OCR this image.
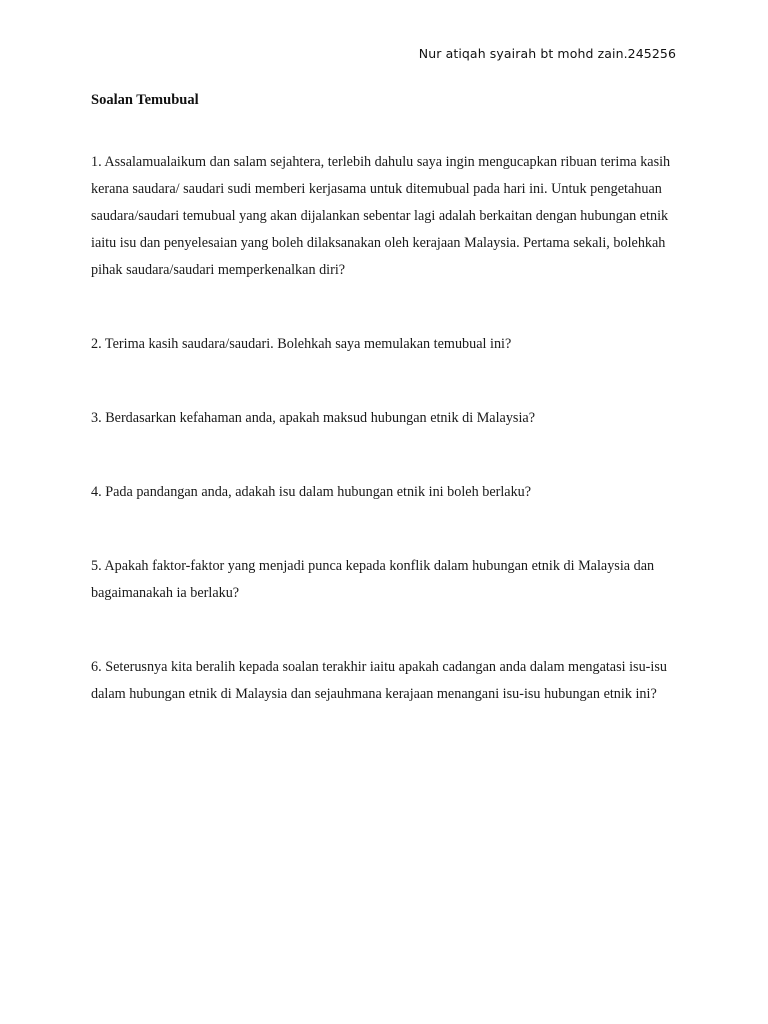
Nur atiqah syairah bt mohd zain.245256
Soalan Temubual

1. Assalamualaikum dan salam sejahtera, terlebih dahulu saya ingin mengucapkan ribuan terima kasih kerana saudara/ saudari sudi memberi kerjasama untuk ditemubual pada hari ini. Untuk pengetahuan saudara/saudari temubual yang akan dijalankan sebentar lagi adalah berkaitan dengan hubungan etnik iaitu isu dan penyelesaian yang boleh dilaksanakan oleh kerajaan Malaysia. Pertama sekali, bolehkah pihak saudara/saudari memperkenalkan diri?

2. Terima kasih saudara/saudari. Bolehkah saya memulakan temubual ini?

3. Berdasarkan kefahaman anda, apakah maksud hubungan etnik di Malaysia?

4. Pada pandangan anda, adakah isu dalam hubungan etnik ini boleh berlaku?

5. Apakah faktor-faktor yang menjadi punca kepada konflik dalam hubungan etnik di Malaysia dan bagaimanakah ia berlaku?

6. Seterusnya kita beralih kepada soalan terakhir iaitu apakah cadangan anda dalam mengatasi isu-isu dalam hubungan etnik di Malaysia dan sejauhmana kerajaan menangani isu-isu hubungan etnik ini?
